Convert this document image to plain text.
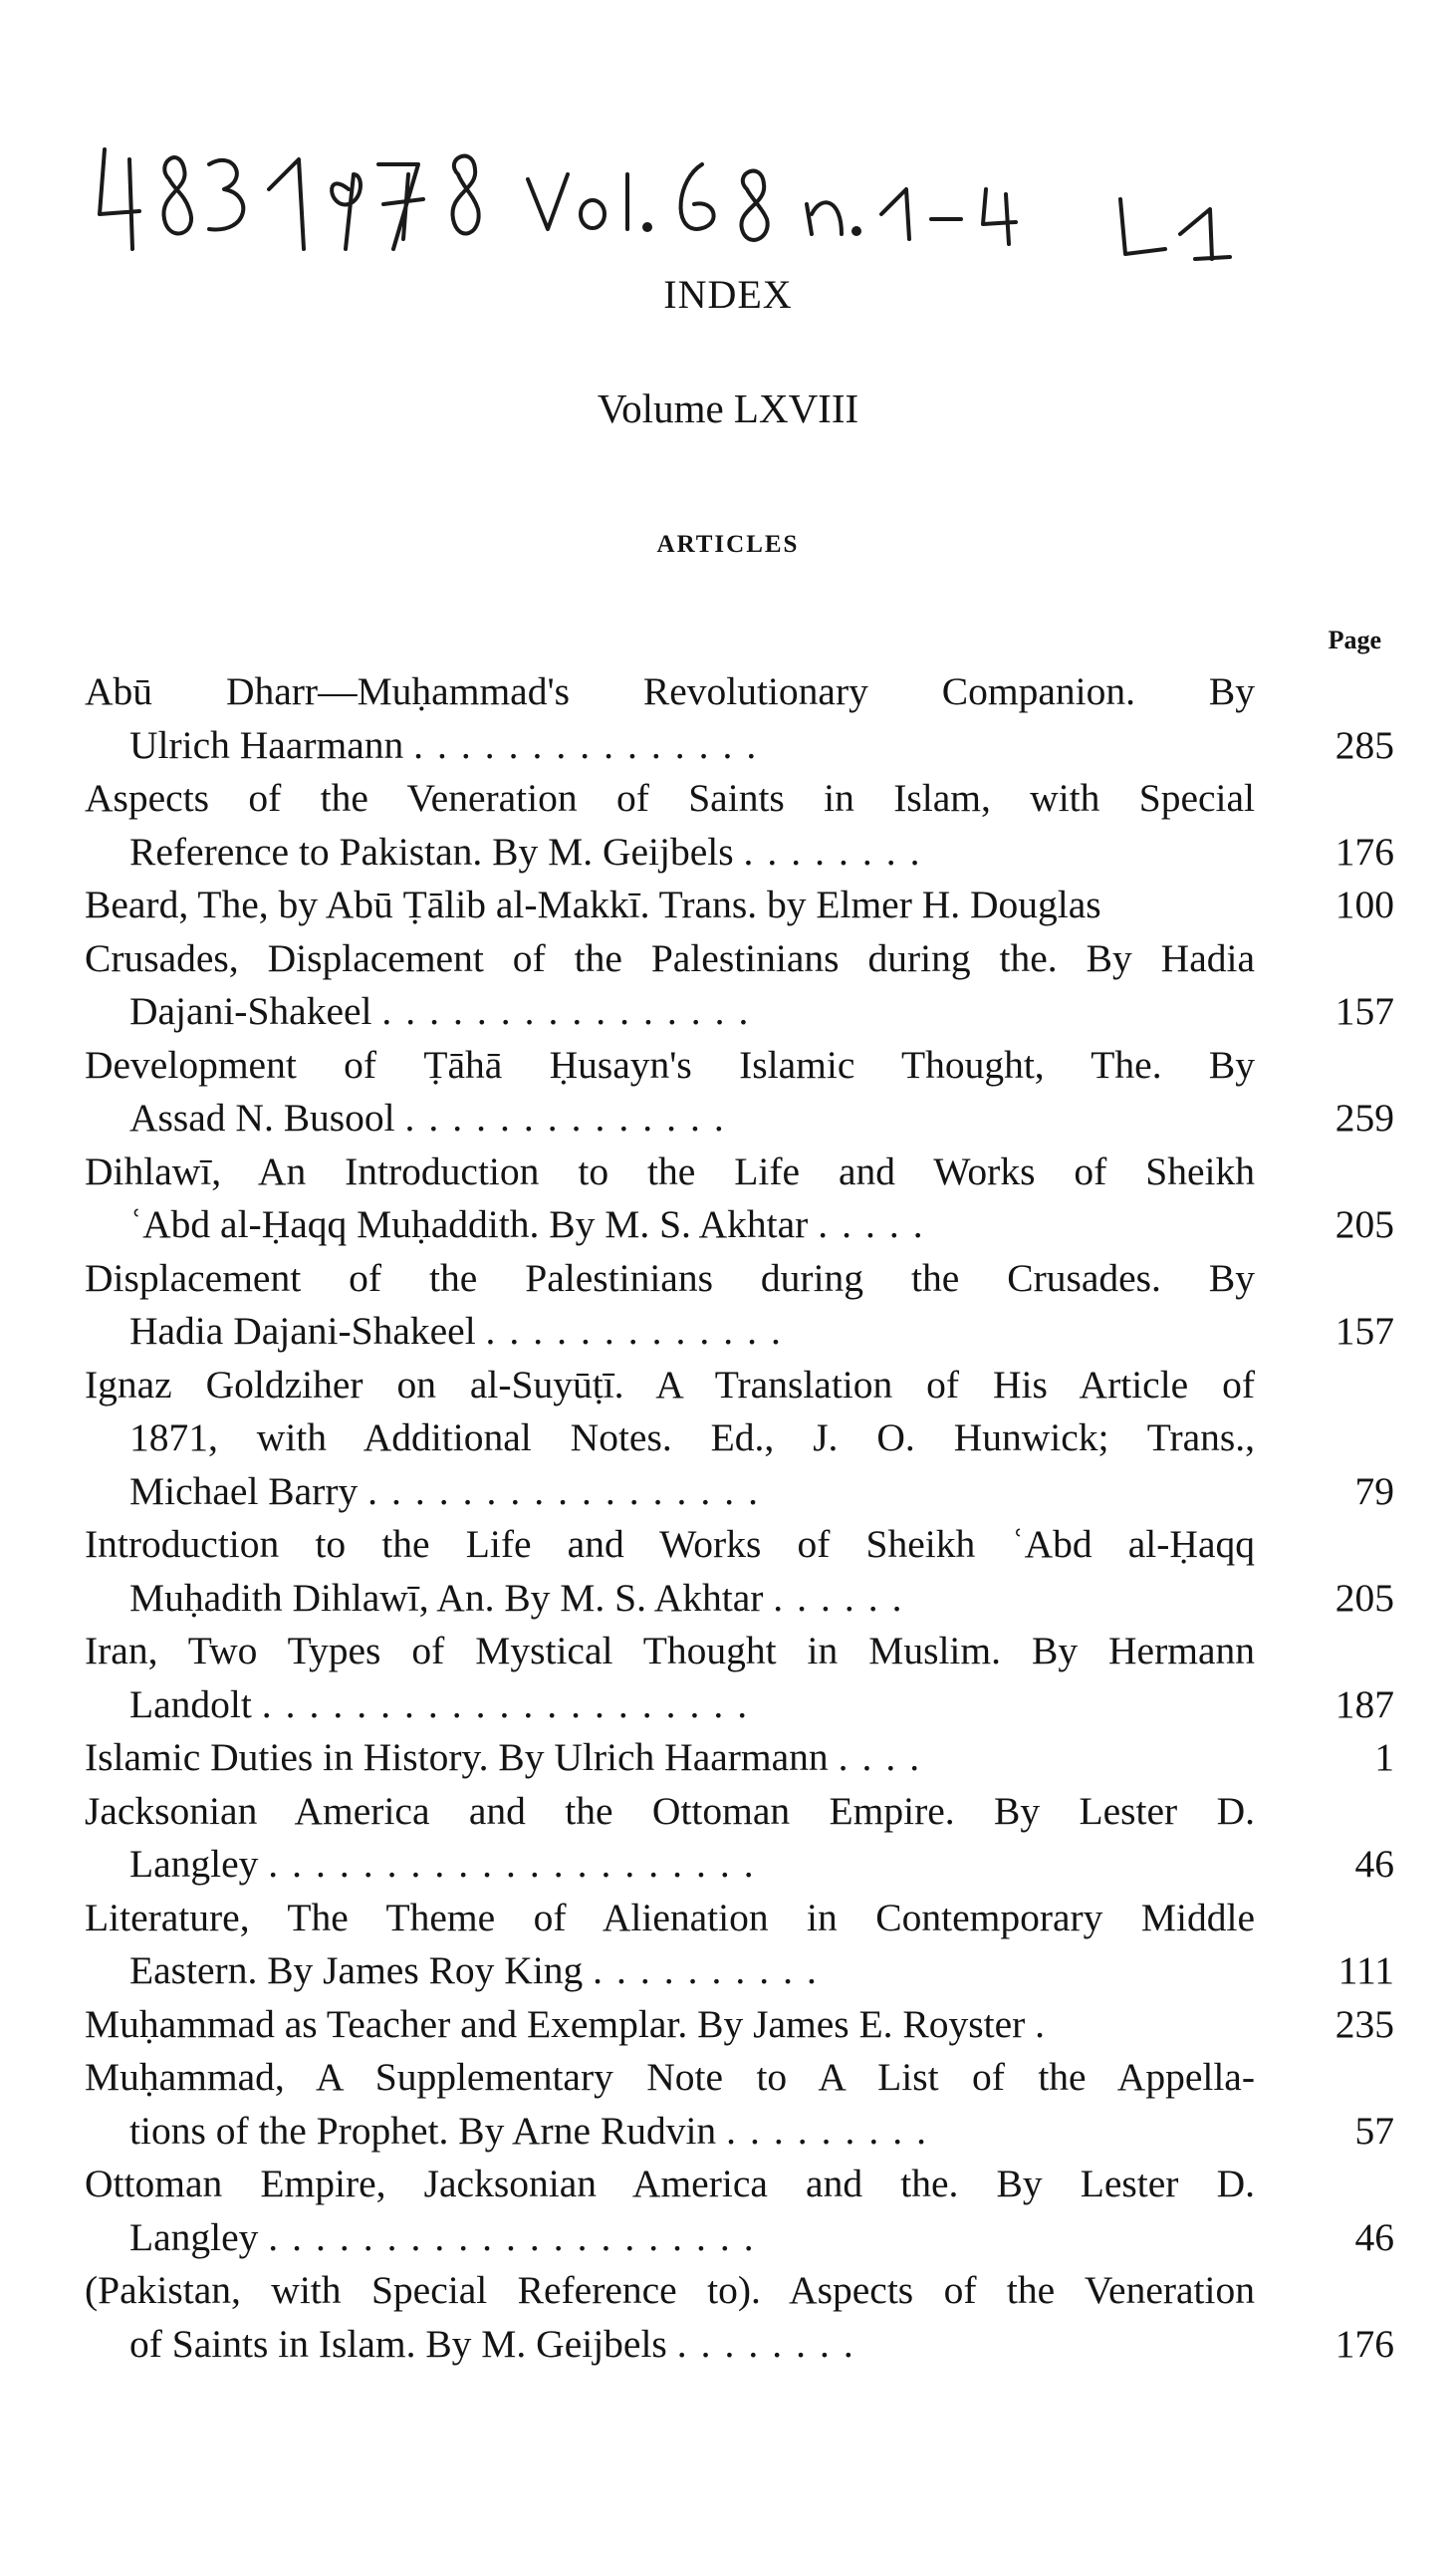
INDEX
Volume LXVIII
ARTICLES
Page
Abū Dharr—Muḥammad's Revolutionary Companion. By
Ulrich Haarmann ...............	285
Aspects of the Veneration of Saints in Islam, with Special
Reference to Pakistan. By M. Geijbels ........	176
Beard, The, by Abū Ṭālib al-Makkī. Trans. by Elmer H. Douglas	100
Crusades, Displacement of the Palestinians during the. By Hadia
Dajani-Shakeel ................	157
Development of Ṭāhā Ḥusayn's Islamic Thought, The. By
Assad N. Busool ..............	259
Dihlawī, An Introduction to the Life and Works of Sheikh
ʿAbd al-Ḥaqq Muḥaddith. By M. S. Akhtar .....	205
Displacement of the Palestinians during the Crusades. By
Hadia Dajani-Shakeel .............	157
Ignaz Goldziher on al-Suyūṭī. A Translation of His Article of
1871, with Additional Notes. Ed., J. O. Hunwick; Trans.,
Michael Barry .................	79
Introduction to the Life and Works of Sheikh ʿAbd al-Ḥaqq
Muḥadith Dihlawī, An. By M. S. Akhtar ......	205
Iran, Two Types of Mystical Thought in Muslim. By Hermann
Landolt .....................	187
Islamic Duties in History. By Ulrich Haarmann ....	1
Jacksonian America and the Ottoman Empire. By Lester D.
Langley .....................	46
Literature, The Theme of Alienation in Contemporary Middle
Eastern. By James Roy King ..........	111
Muḥammad as Teacher and Exemplar. By James E. Royster .	235
Muḥammad, A Supplementary Note to A List of the Appella-
tions of the Prophet. By Arne Rudvin .........	57
Ottoman Empire, Jacksonian America and the. By Lester D.
Langley .....................	46
(Pakistan, with Special Reference to). Aspects of the Veneration
of Saints in Islam. By M. Geijbels ........	176
